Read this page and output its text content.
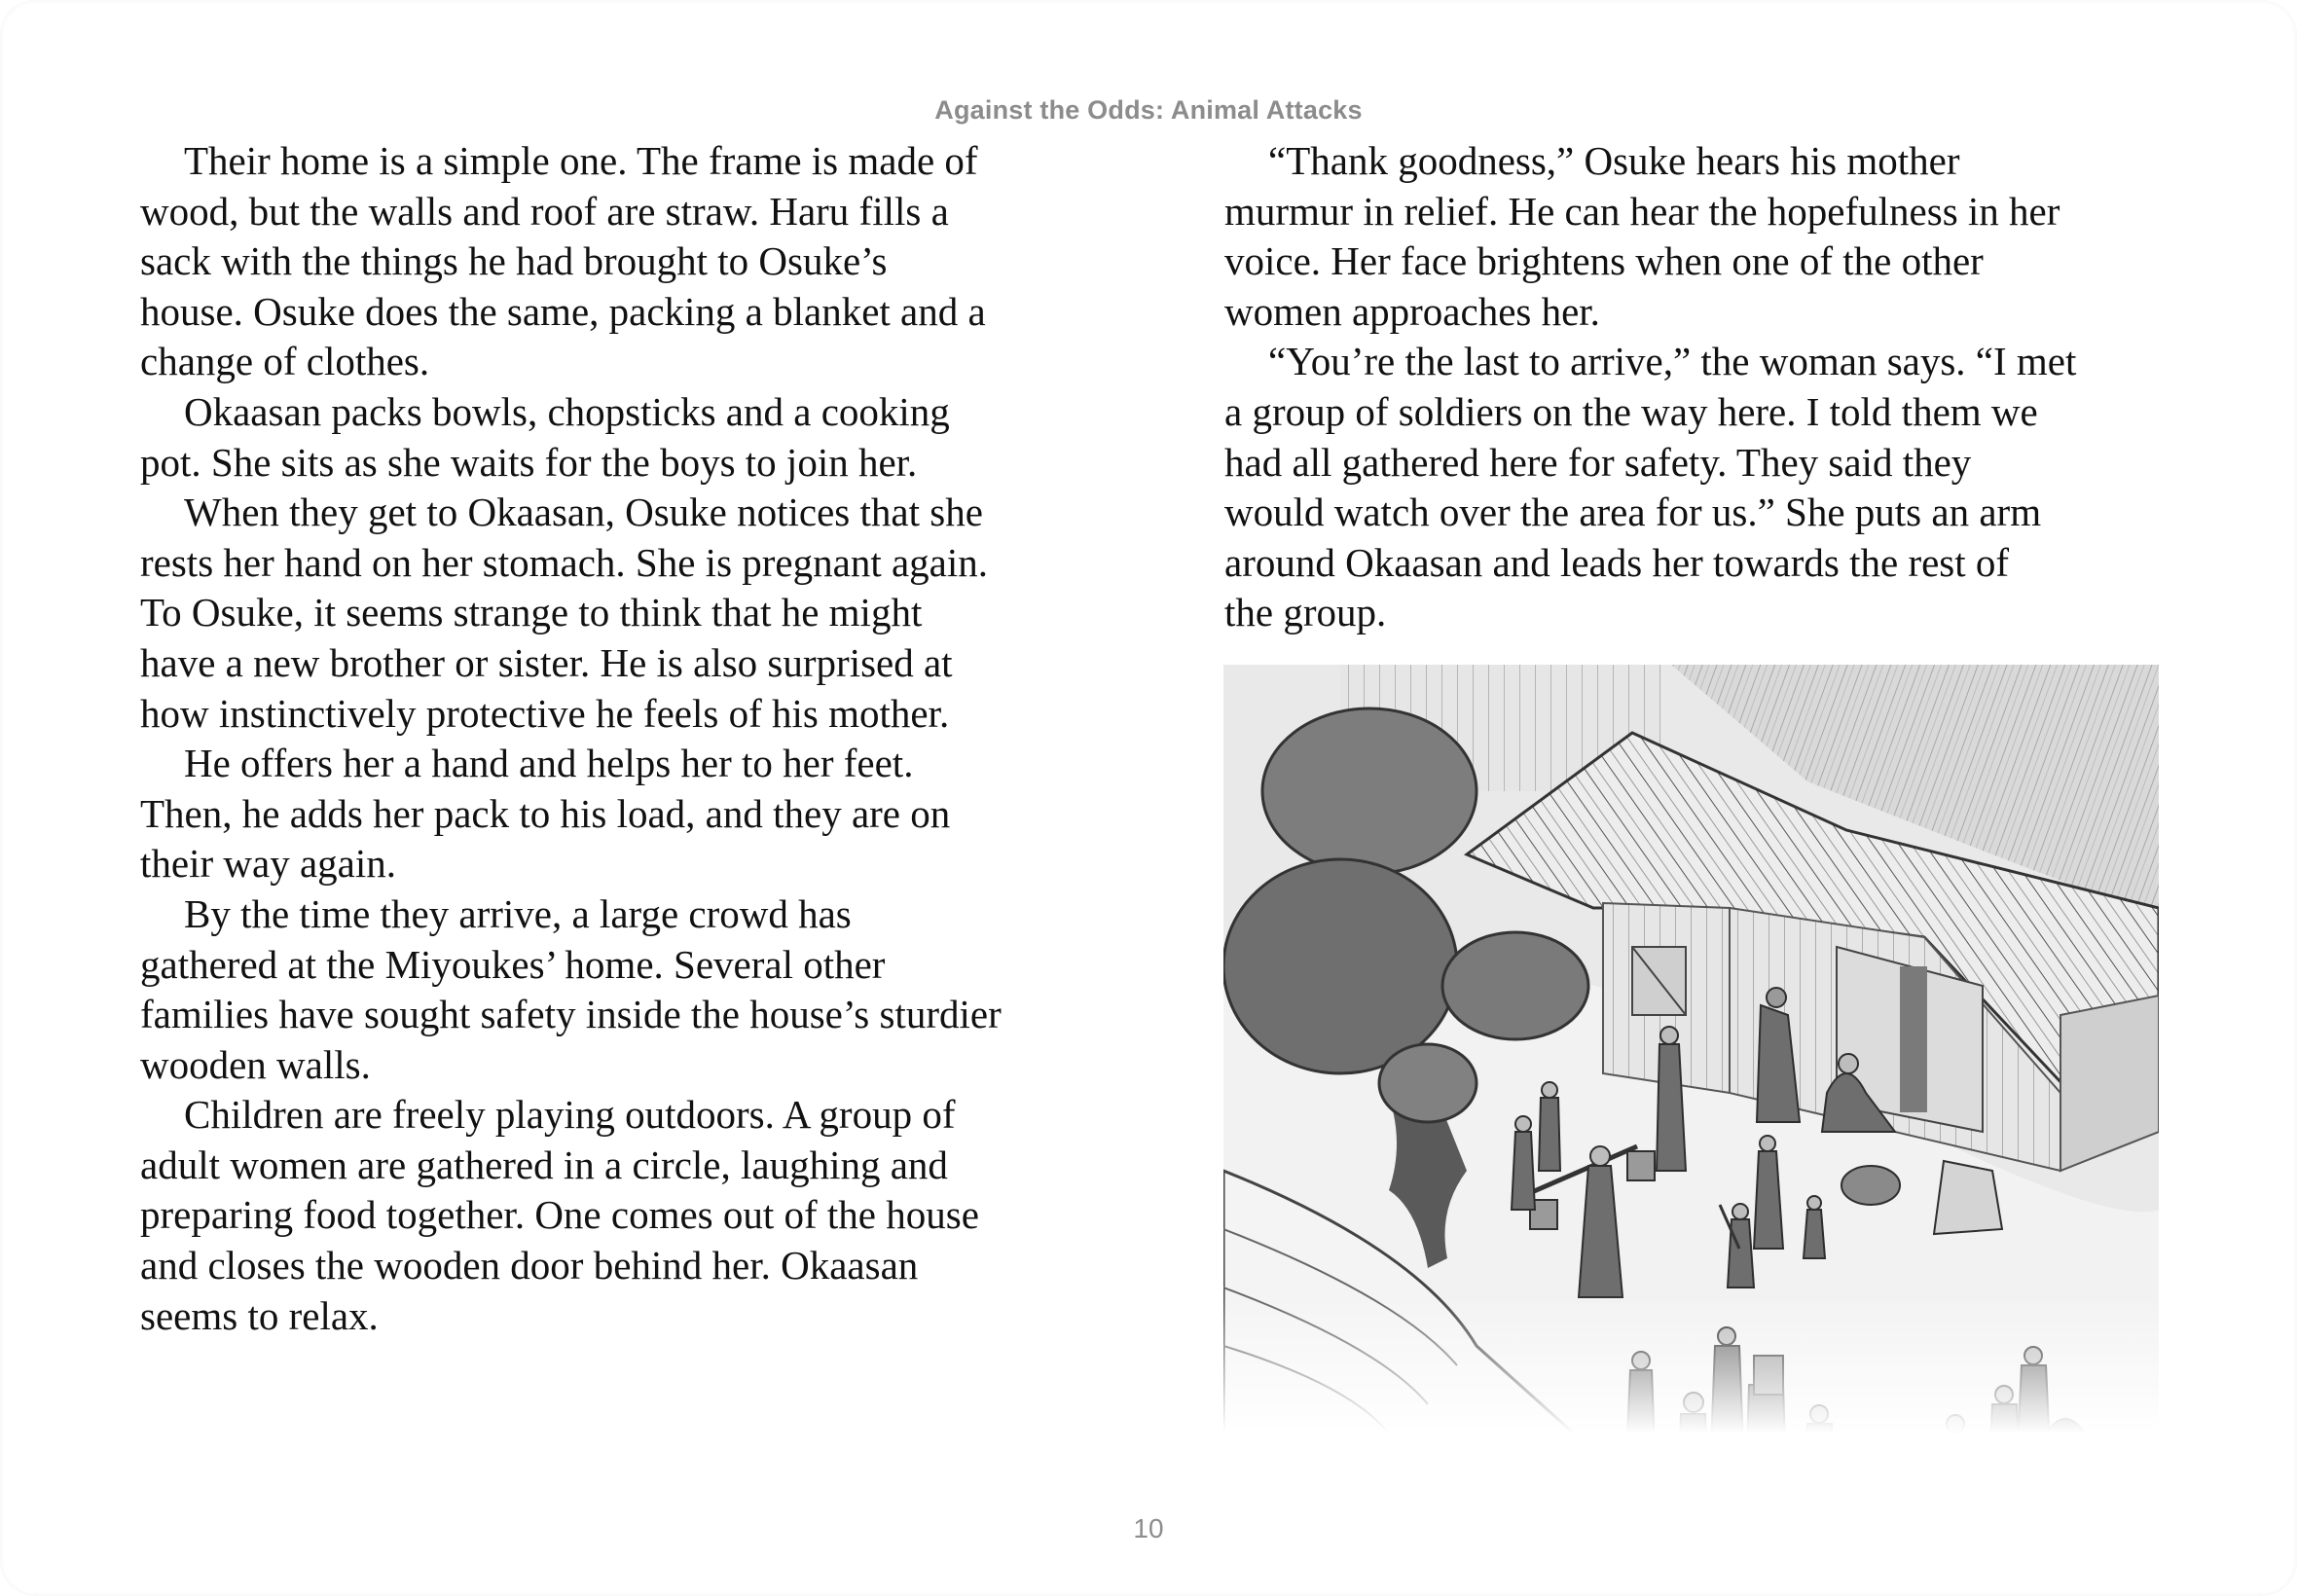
Against the Odds: Animal Attacks
Their home is a simple one. The frame is made of
wood, but the walls and roof are straw. Haru fills a
sack with the things he had brought to Osuke’s
house. Osuke does the same, packing a blanket and a
change of clothes.
Okaasan packs bowls, chopsticks and a cooking
pot. She sits as she waits for the boys to join her.
When they get to Okaasan, Osuke notices that she
rests her hand on her stomach. She is pregnant again.
To Osuke, it seems strange to think that he might
have a new brother or sister. He is also surprised at
how instinctively protective he feels of his mother.
He offers her a hand and helps her to her feet.
Then, he adds her pack to his load, and they are on
their way again.
By the time they arrive, a large crowd has
gathered at the Miyoukes’ home. Several other
families have sought safety inside the house’s sturdier
wooden walls.
Children are freely playing outdoors. A group of
adult women are gathered in a circle, laughing and
preparing food together. One comes out of the house
and closes the wooden door behind her. Okaasan
seems to relax.
“Thank goodness,” Osuke hears his mother
murmur in relief. He can hear the hopefulness in her
voice. Her face brightens when one of the other
women approaches her.
“You’re the last to arrive,” the woman says. “I met
a group of soldiers on the way here. I told them we
had all gathered here for safety. They said they
would watch over the area for us.” She puts an arm
around Okaasan and leads her towards the rest of
the group.
10
